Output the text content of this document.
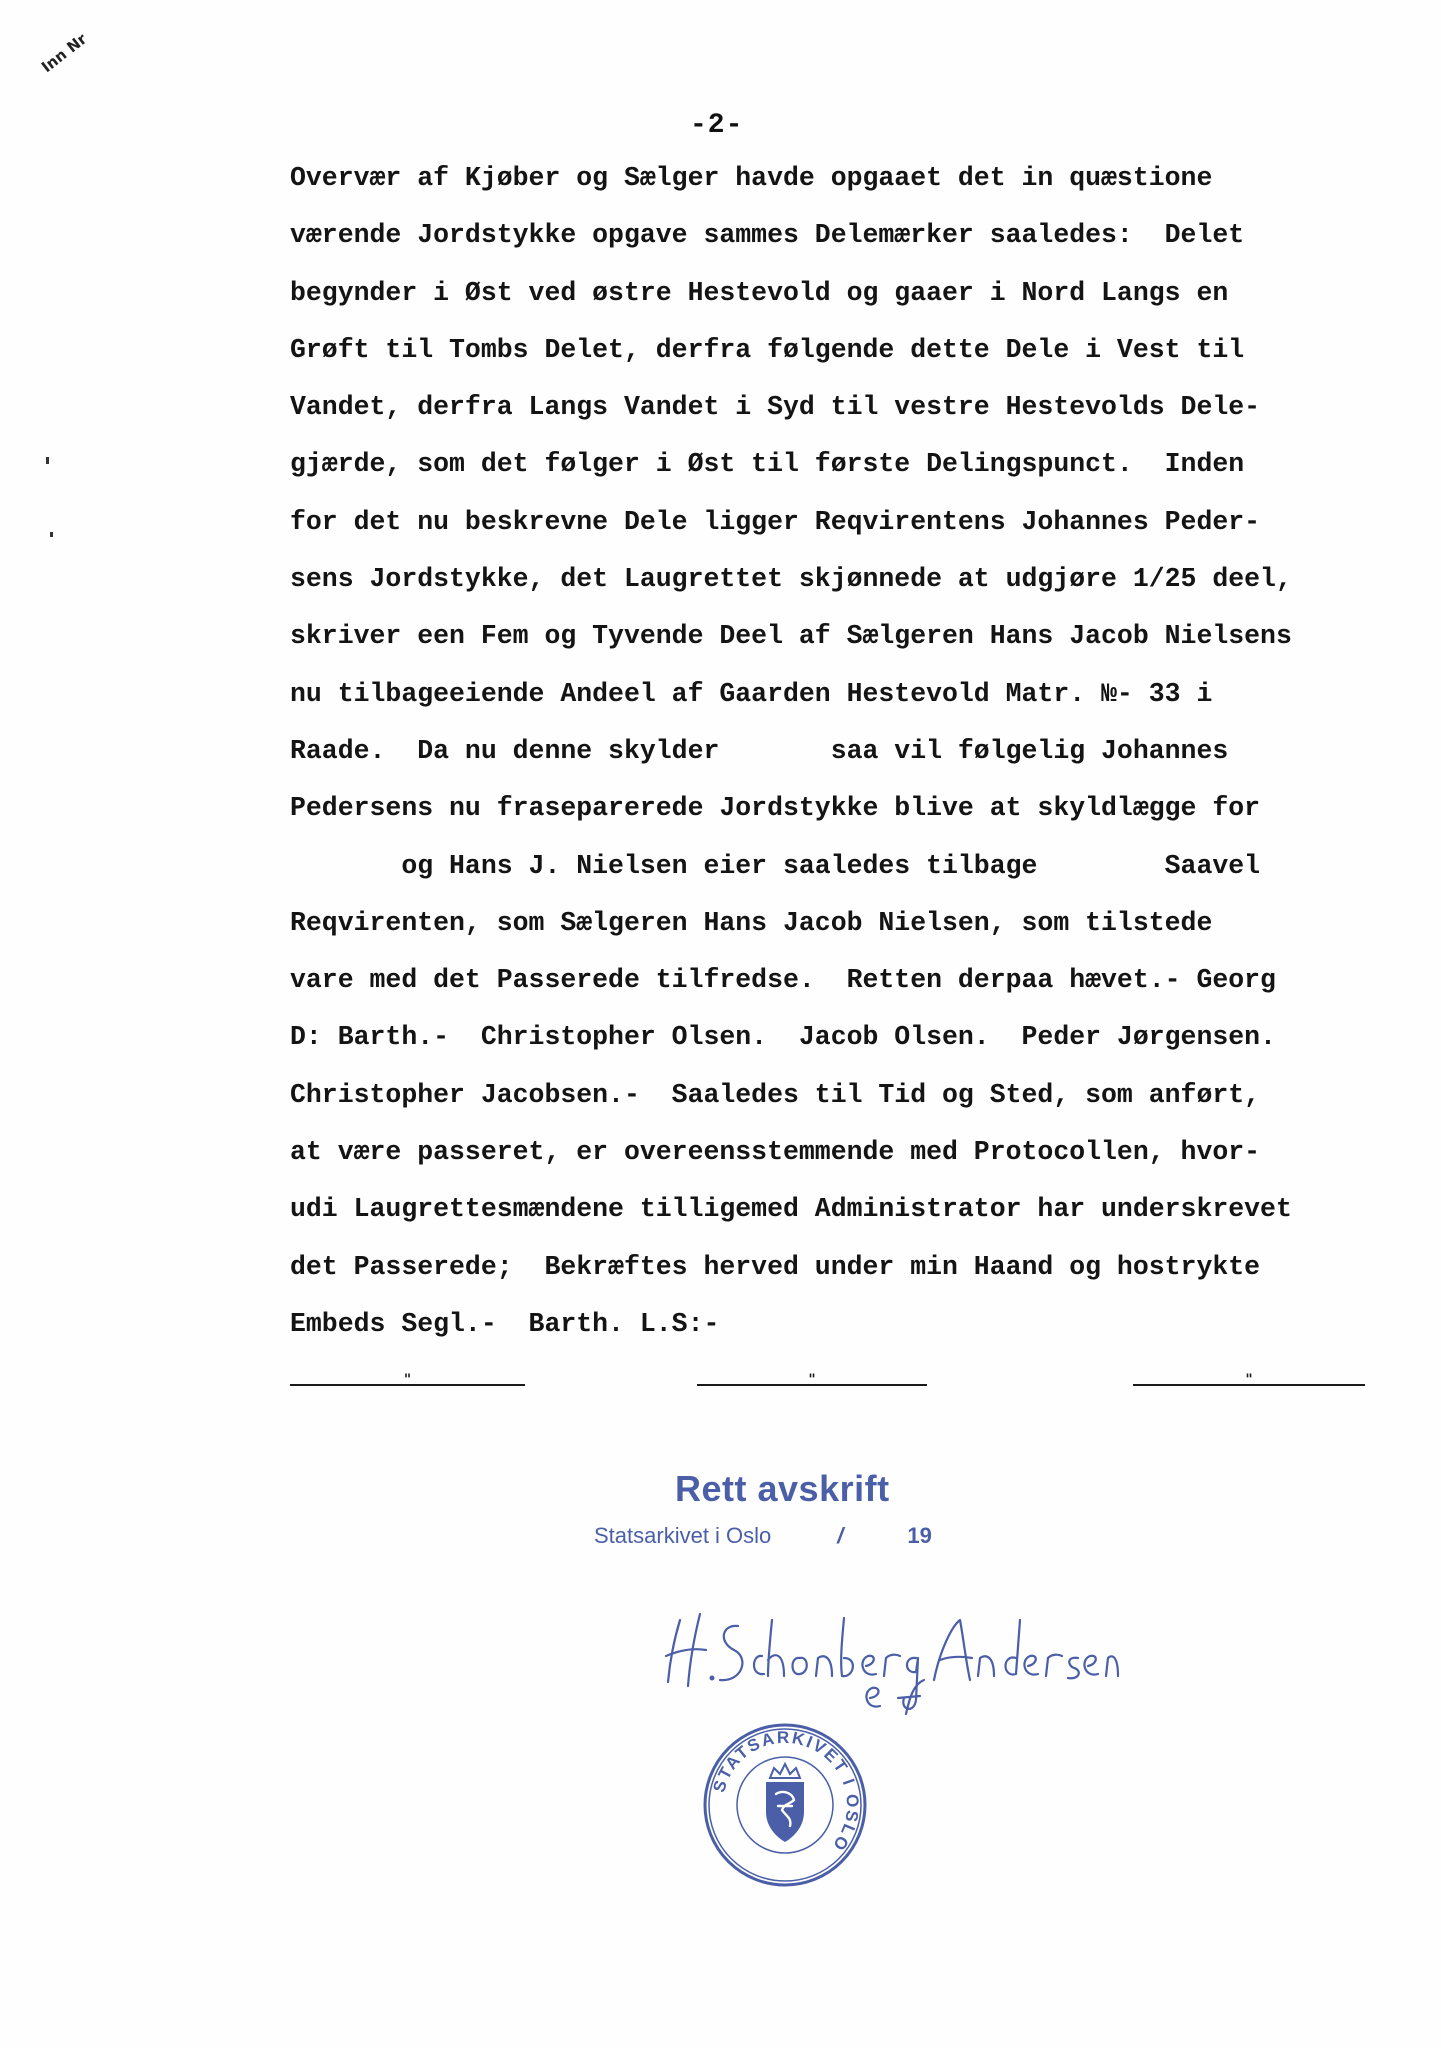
Inn Nr
-2-
Overvær af Kjøber og Sælger havde opgaaet det in quæstione
værende Jordstykke opgave sammes Delemærker saaledes:  Delet
begynder i Øst ved østre Hestevold og gaaer i Nord Langs en
Grøft til Tombs Delet, derfra følgende dette Dele i Vest til
Vandet, derfra Langs Vandet i Syd til vestre Hestevolds Dele-
gjærde, som det følger i Øst til første Delingspunct.  Inden
for det nu beskrevne Dele ligger Reqvirentens Johannes Peder-
sens Jordstykke, det Laugrettet skjønnede at udgjøre 1/25 deel,
skriver een Fem og Tyvende Deel af Sælgeren Hans Jacob Nielsens
nu tilbageeiende Andeel af Gaarden Hestevold Matr. №- 33 i
Raade.  Da nu denne skylder       saa vil følgelig Johannes
Pedersens nu fraseparerede Jordstykke blive at skyldlægge for
og Hans J. Nielsen eier saaledes tilbage        Saavel
Reqvirenten, som Sælgeren Hans Jacob Nielsen, som tilstede
vare med det Passerede tilfredse.  Retten derpaa hævet.- Georg
D: Barth.-  Christopher Olsen.  Jacob Olsen.  Peder Jørgensen.
Christopher Jacobsen.-  Saaledes til Tid og Sted, som anført,
at være passeret, er overeensstemmende med Protocollen, hvor-
udi Laugrettesmændene tilligemed Administrator har underskrevet
det Passerede;  Bekræftes herved under min Haand og hostrykte
Embeds Segl.-  Barth. L.S:-
"	"	"
Rett avskrift
Statsarkivet i Oslo	/	19
STATSARKIVET I OSLO
